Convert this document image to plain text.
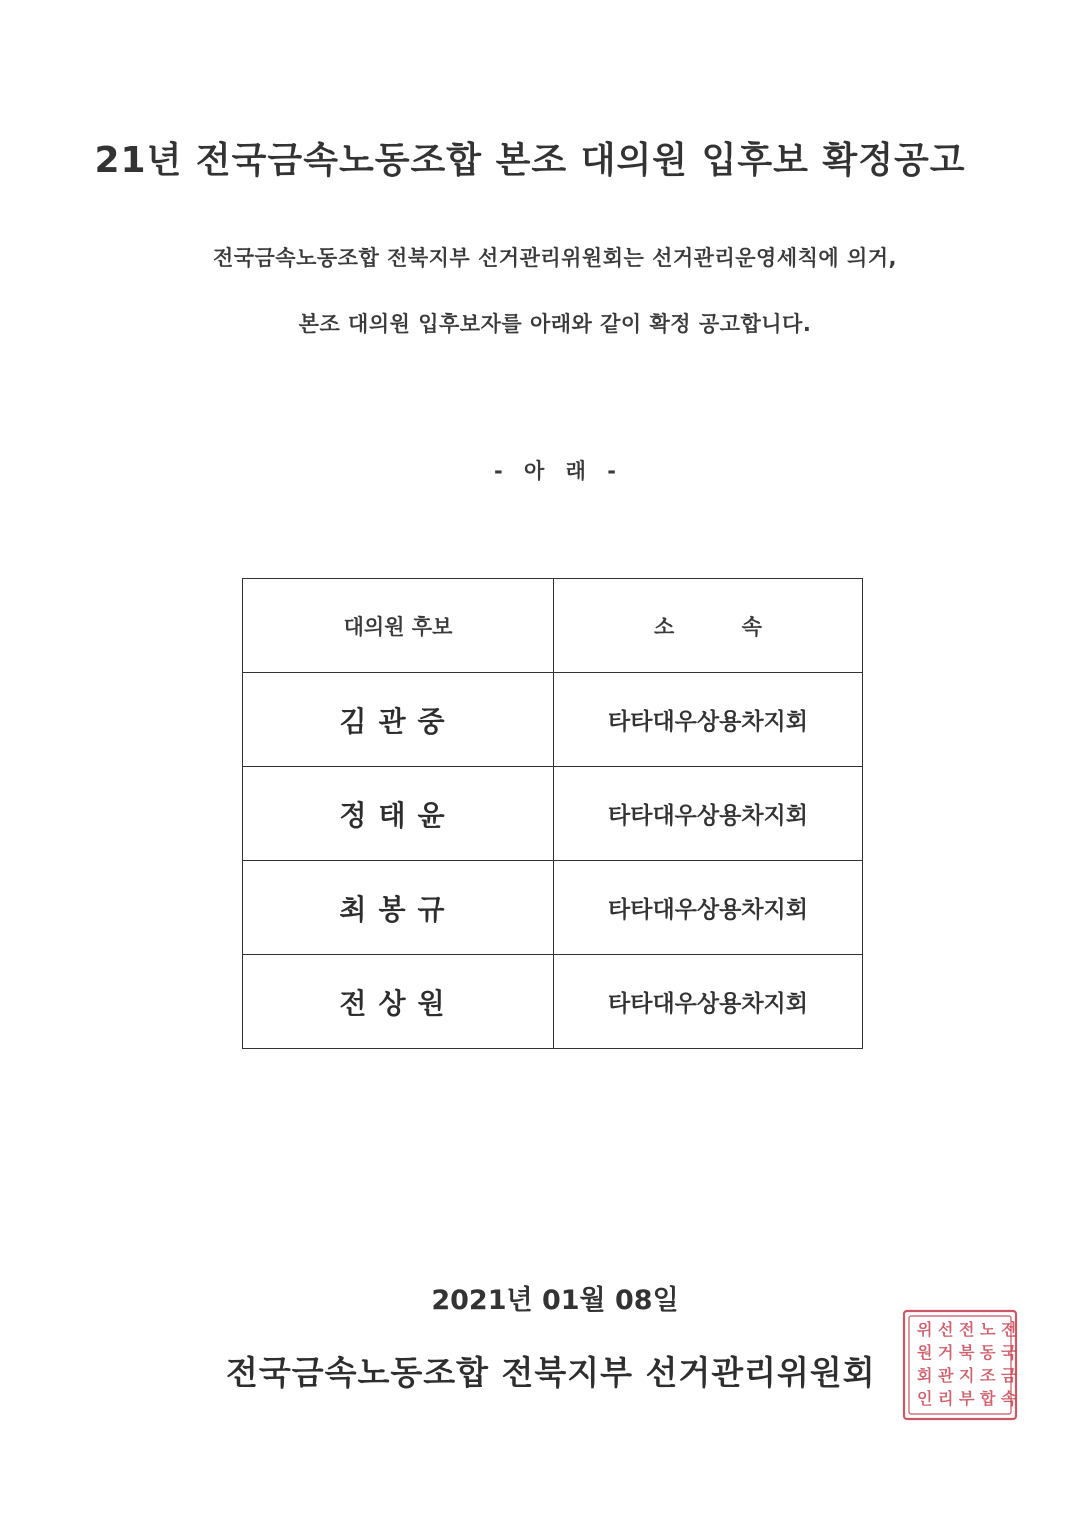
21년 전국금속노동조합 본조 대의원 입후보 확정공고
전국금속노동조합 전북지부 선거관리위원회는 선거관리운영세칙에 의거,
본조 대의원 입후보자를 아래와 같이 확정 공고합니다.
- 아 래 -
대의원 후보	소 속
김관중	타타대우상용차지회
정태윤	타타대우상용차지회
최봉규	타타대우상용차지회
전상원	타타대우상용차지회
2021년 01월 08일
전국금속노동조합 전북지부 선거관리위원회
전
국
금
속
노
동
조
합
전
북
지
부
선
거
관
리
위
원
회
인
